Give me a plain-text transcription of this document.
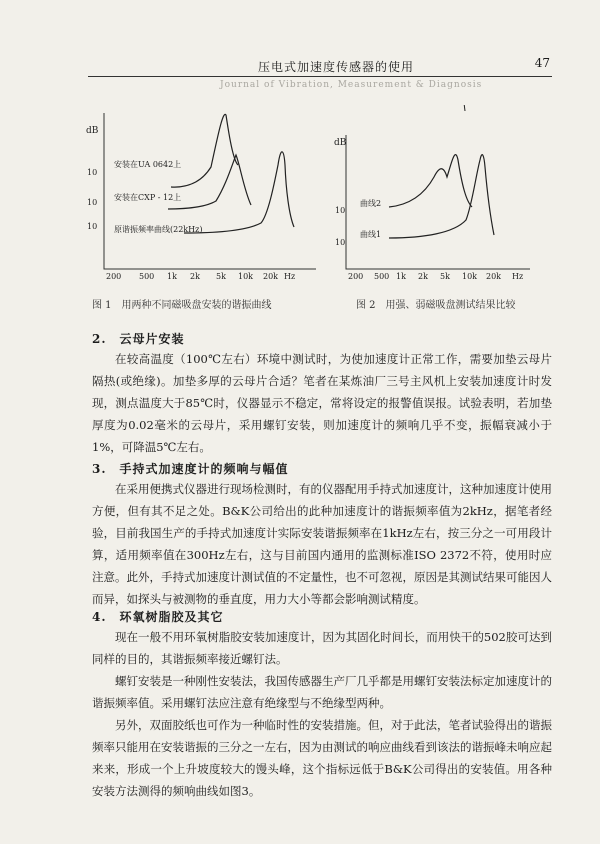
压电式加速度传感器的使用	47
Journal of Vibration, Measurement & Diagnosis
dB
10
10
10
安装在UA 0642上
安装在CXP - 12上
原谐振频率曲线(22kHz)
200 500 1k 2k 5k 10k 20k Hz
图 1　用两种不同磁吸盘安装的谐振曲线
dB
10
10
曲线2
曲线1
200 500 1k 2k 5k 10k 20k Hz
图 2　用强、弱磁吸盘测试结果比较
2.　云母片安装

在较高温度（100℃左右）环境中测试时，为使加速度计正常工作，需要加垫云母片隔热(或绝缘)。加垫多厚的云母片合适？笔者在某炼油厂三号主风机上安装加速度计时发现，测点温度大于85℃时，仪器显示不稳定，常将设定的报警值误报。试验表明，若加垫厚度为0.02毫米的云母片，采用螺钉安装，则加速度计的频响几乎不变，振幅衰减小于1%，可降温5℃左右。

3.　手持式加速度计的频响与幅值

在采用便携式仪器进行现场检测时，有的仪器配用手持式加速度计，这种加速度计使用方便，但有其不足之处。B&K公司给出的此种加速度计的谐振频率值为2kHz，据笔者经验，目前我国生产的手持式加速度计实际安装谐振频率在1kHz左右，按三分之一可用段计算，适用频率值在300Hz左右，这与目前国内通用的监测标准ISO 2372不符，使用时应注意。此外，手持式加速度计测试值的不定量性，也不可忽视，原因是其测试结果可能因人而异，如探头与被测物的垂直度，用力大小等都会影响测试精度。

4.　环氧树脂胶及其它

现在一般不用环氧树脂胶安装加速度计，因为其固化时间长，而用快干的502胶可达到同样的目的，其谐振频率接近螺钉法。

螺钉安装是一种刚性安装法，我国传感器生产厂几乎都是用螺钉安装法标定加速度计的谐振频率值。采用螺钉法应注意有绝缘型与不绝缘型两种。

另外，双面胶纸也可作为一种临时性的安装措施。但，对于此法，笔者试验得出的谐振频率只能用在安装谐振的三分之一左右，因为由测试的响应曲线看到该法的谐振峰未响应起来来，形成一个上升坡度较大的馒头峰，这个指标远低于B&K公司得出的安装值。用各种安装方法测得的频响曲线如图3。
